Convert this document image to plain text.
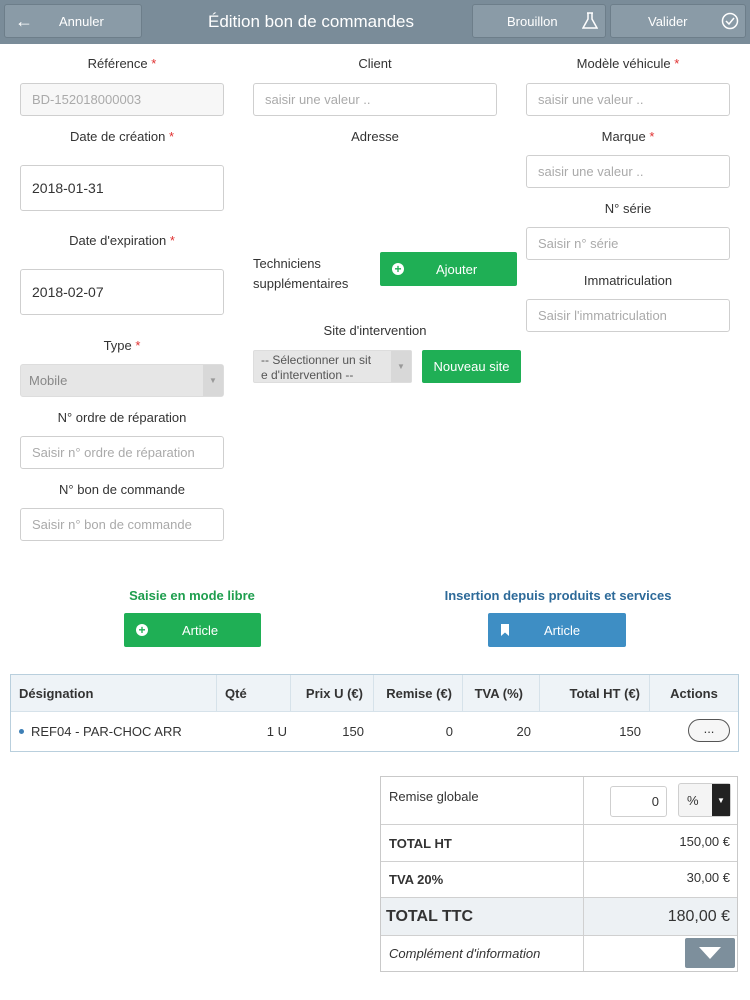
← Annuler	Édition bon de commandes	Brouillon	Valider
Référence *
BD-152018000003
Date de création *
2018-01-31
Date d'expiration *
2018-02-07
Type *
Mobile	▼
N° ordre de réparation
Saisir n° ordre de réparation
N° bon de commande
Saisir n° bon de commande
Client
saisir une valeur ..
Adresse
Techniciens
supplémentaires
+	Ajouter
Site d'intervention
-- Sélectionner un sit
e d'intervention --
▼	Nouveau site
Modèle véhicule *
saisir une valeur ..
Marque *
saisir une valeur ..
N° série
Saisir n° série
Immatriculation
Saisir l'immatriculation
Saisie en mode libre
+	Article
Insertion depuis produits et services
Article
Désignation	Qté	Prix U (€)	Remise (€)	TVA (%)	Total HT (€)	Actions
REF04 - PAR-CHOC ARR	1 U	150	0	20	150	...
Remise globale	0	%	▼
TOTAL HT	150,00 €
TVA 20%	30,00 €
TOTAL TTC	180,00 €
Complément d'information
